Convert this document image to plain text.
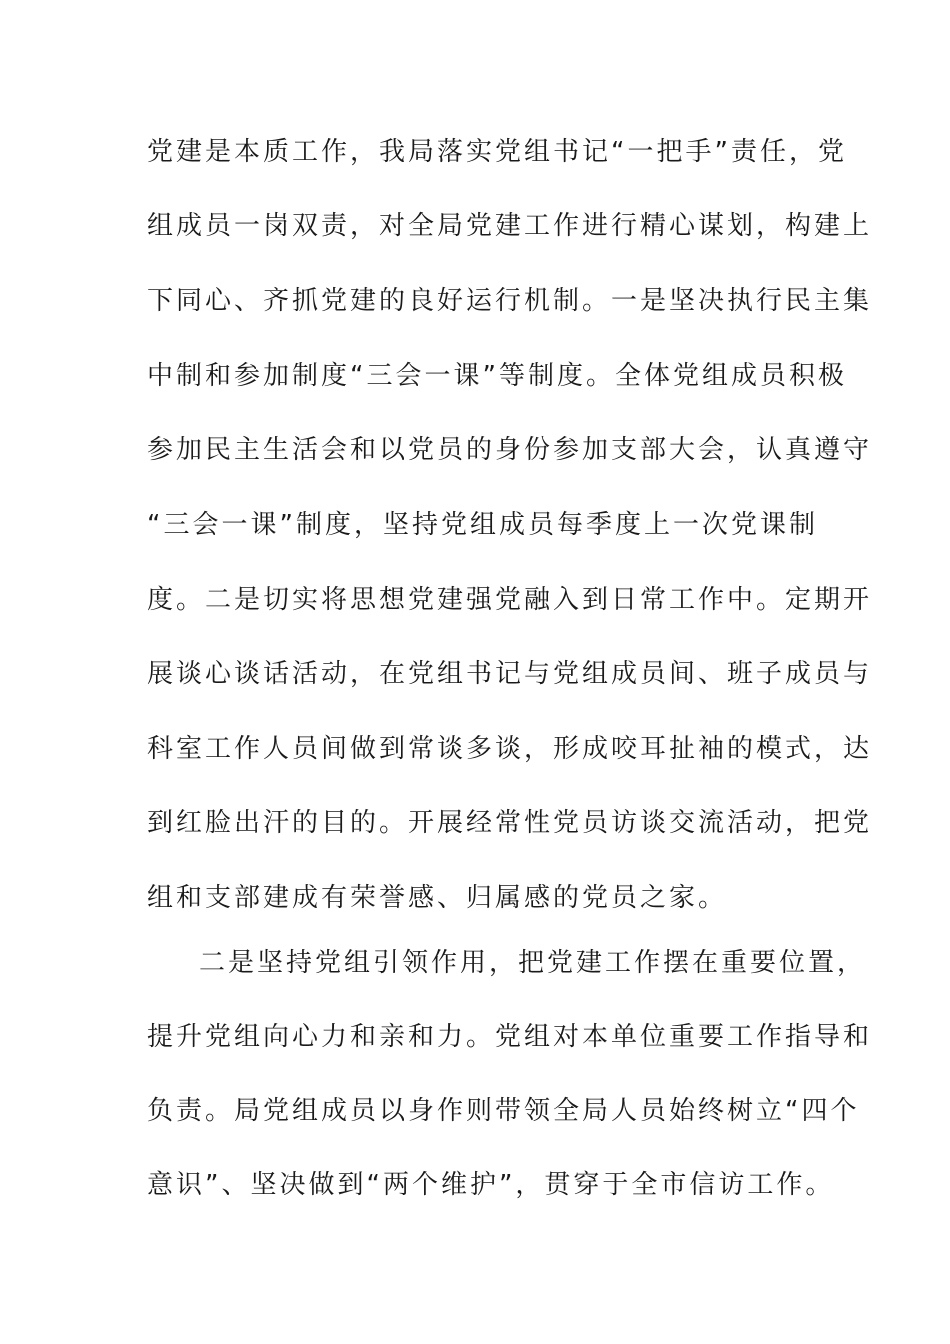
党建是本质工作，我局落实党组书记“一把手”责任，党
组成员一岗双责，对全局党建工作进行精心谋划，构建上
下同心、齐抓党建的良好运行机制。一是坚决执行民主集
中制和参加制度“三会一课”等制度。全体党组成员积极
参加民主生活会和以党员的身份参加支部大会，认真遵守
“三会一课”制度，坚持党组成员每季度上一次党课制
度。二是切实将思想党建强党融入到日常工作中。定期开
展谈心谈话活动，在党组书记与党组成员间、班子成员与
科室工作人员间做到常谈多谈，形成咬耳扯袖的模式，达
到红脸出汗的目的。开展经常性党员访谈交流活动，把党
组和支部建成有荣誉感、归属感的党员之家。
二是坚持党组引领作用，把党建工作摆在重要位置，
提升党组向心力和亲和力。党组对本单位重要工作指导和
负责。局党组成员以身作则带领全局人员始终树立“四个
意识”、坚决做到“两个维护”，贯穿于全市信访工作。
